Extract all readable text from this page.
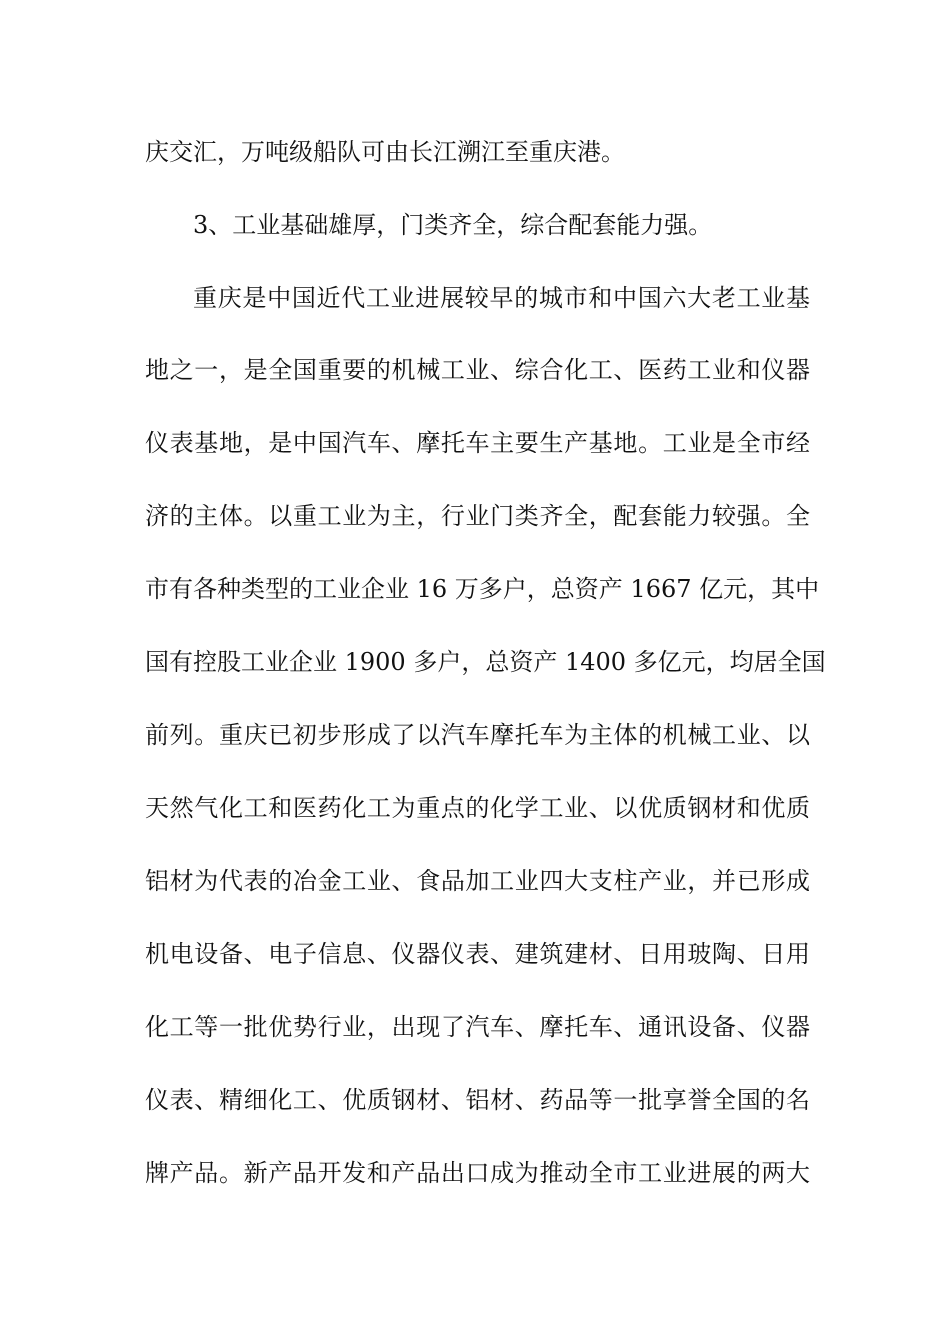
庆交汇，万吨级船队可由长江溯江至重庆港。
3、工业基础雄厚，门类齐全，综合配套能力强。
重庆是中国近代工业进展较早的城市和中国六大老工业基
地之一，是全国重要的机械工业、综合化工、医药工业和仪器
仪表基地，是中国汽车、摩托车主要生产基地。工业是全市经
济的主体。以重工业为主，行业门类齐全，配套能力较强。全
市有各种类型的工业企业 16 万多户，总资产 1667 亿元，其中
国有控股工业企业 1900 多户，总资产 1400 多亿元，均居全国
前列。重庆已初步形成了以汽车摩托车为主体的机械工业、以
天然气化工和医药化工为重点的化学工业、以优质钢材和优质
铝材为代表的冶金工业、食品加工业四大支柱产业，并已形成
机电设备、电子信息、仪器仪表、建筑建材、日用玻陶、日用
化工等一批优势行业，出现了汽车、摩托车、通讯设备、仪器
仪表、精细化工、优质钢材、铝材、药品等一批享誉全国的名
牌产品。新产品开发和产品出口成为推动全市工业进展的两大
